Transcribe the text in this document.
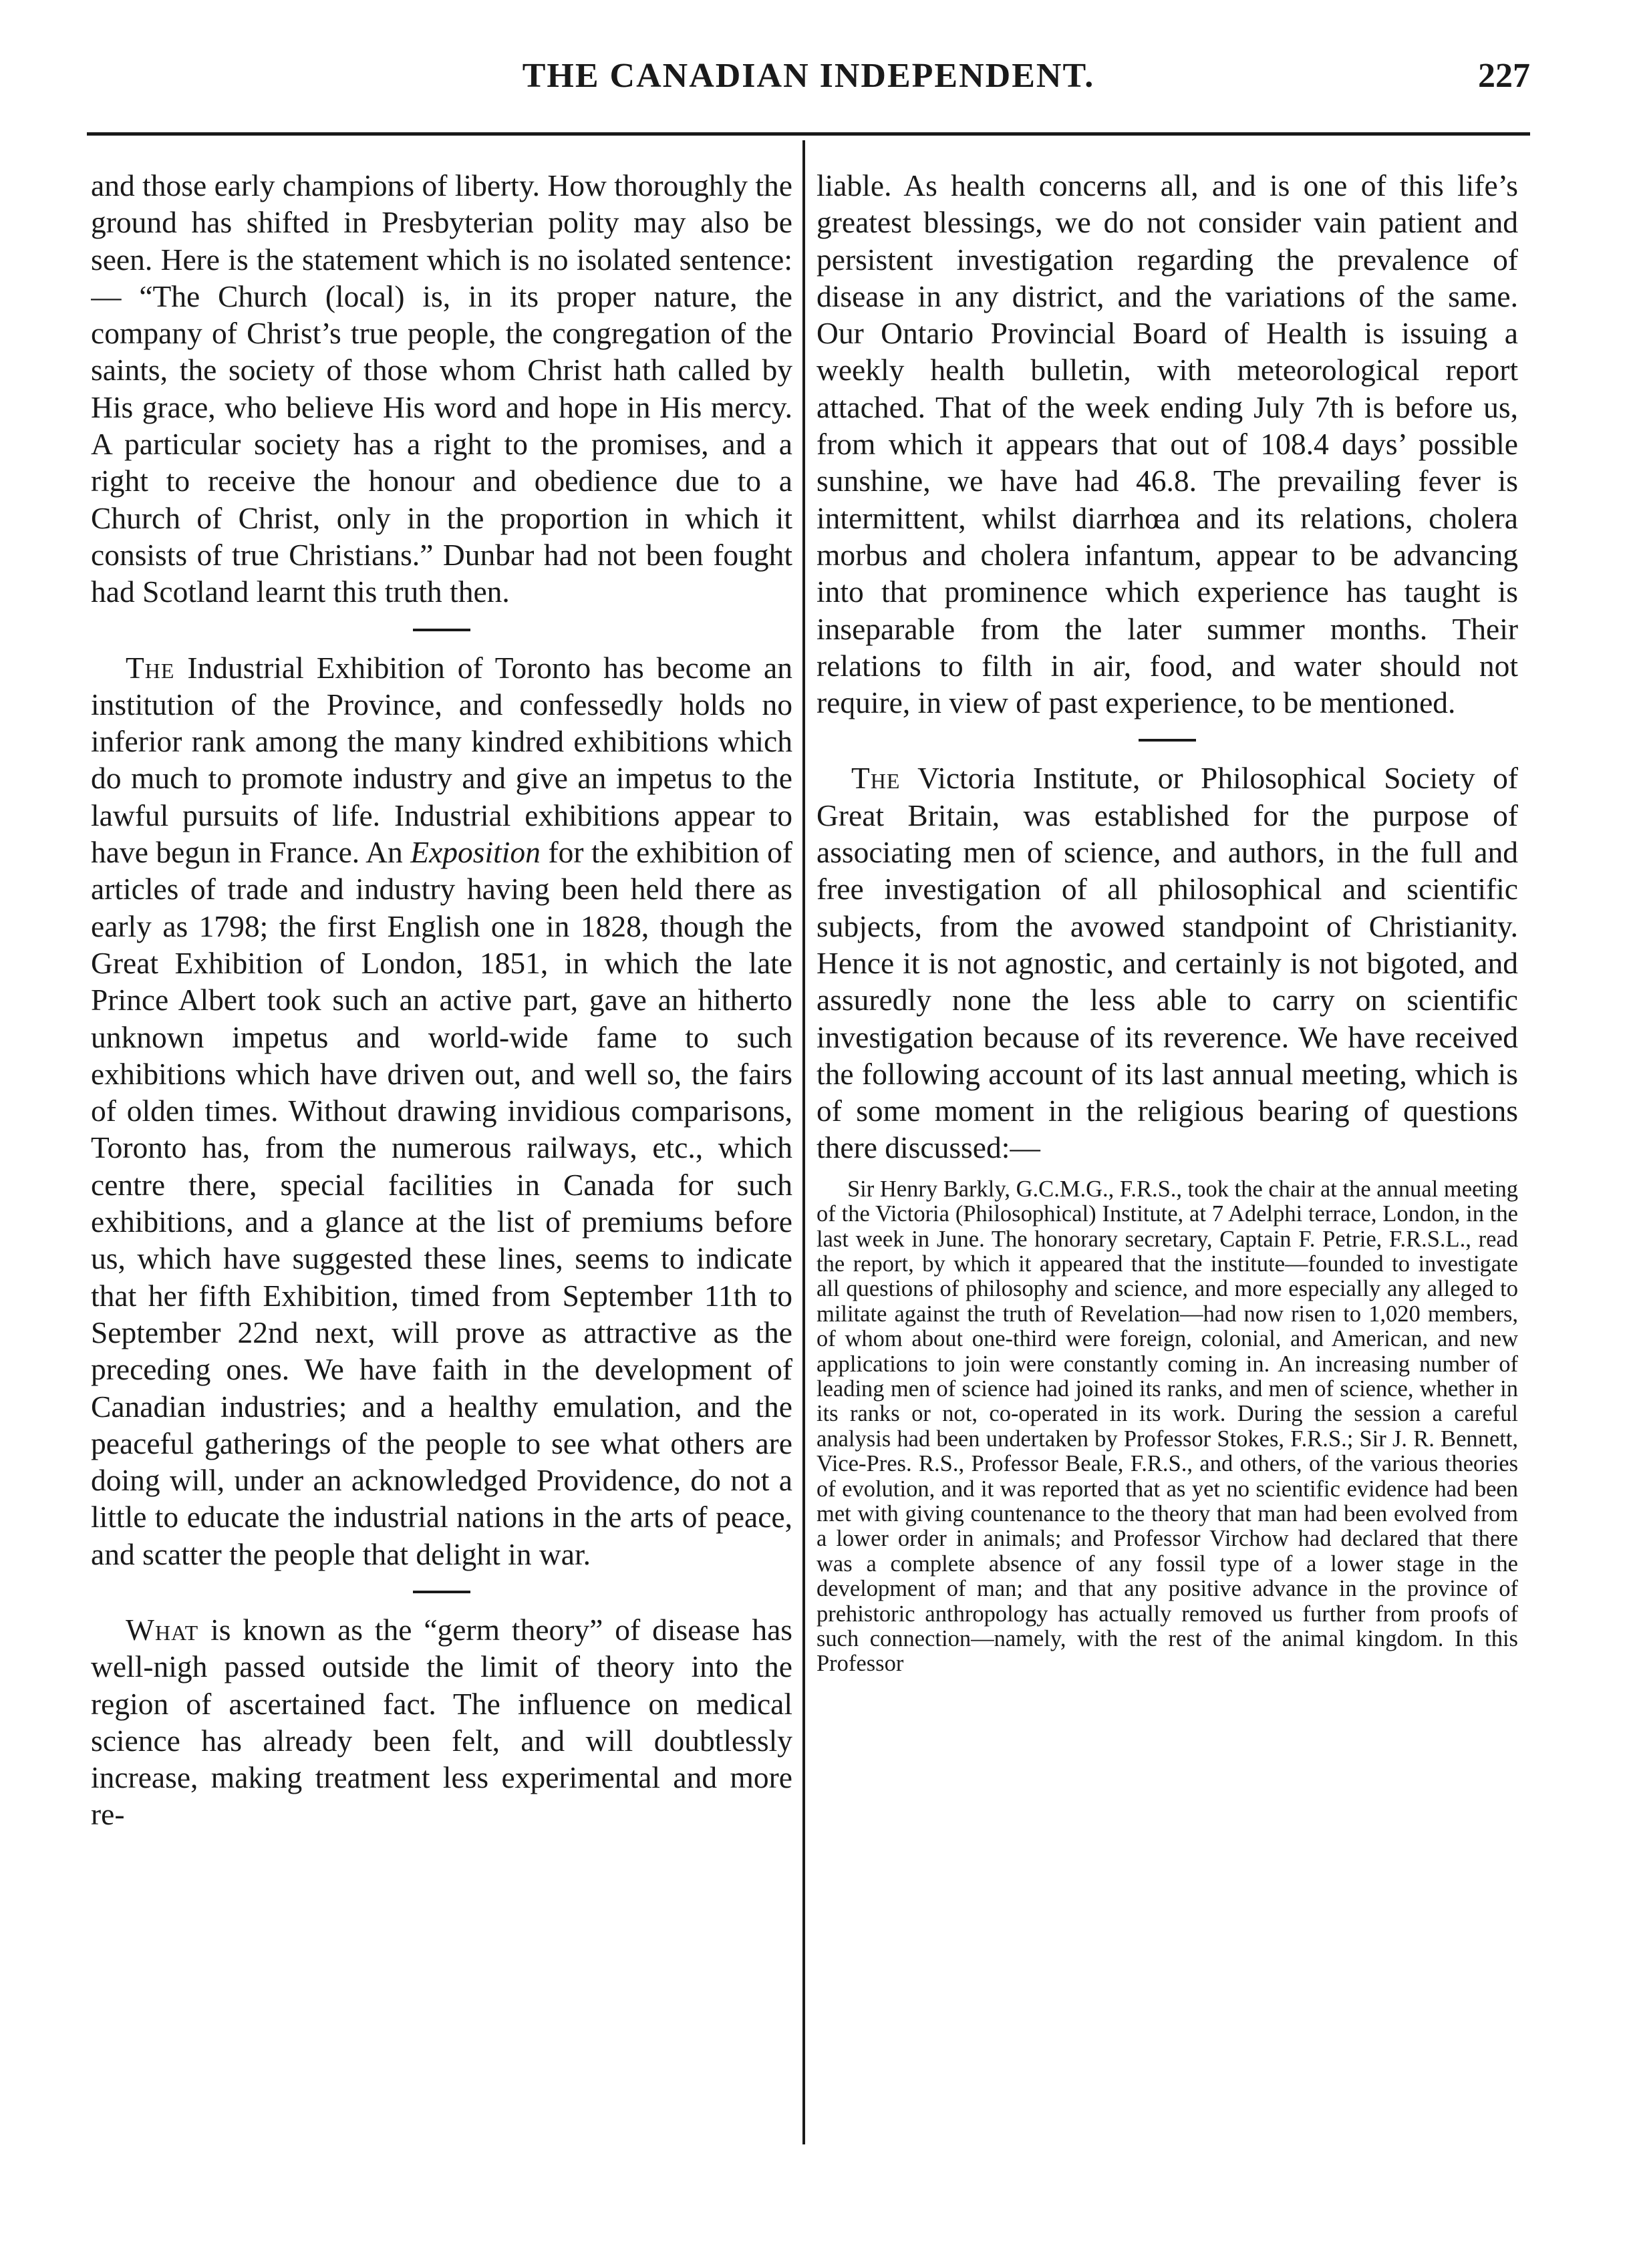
THE CANADIAN INDEPENDENT.	227

and those early champions of liberty. How thoroughly the ground has shifted in Presbyterian polity may also be seen. Here is the statement which is no isolated sentence:— “The Church (local) is, in its proper nature, the company of Christ’s true people, the congregation of the saints, the society of those whom Christ hath called by His grace, who believe His word and hope in His mercy. A particular society has a right to the promises, and a right to receive the honour and obedience due to a Church of Christ, only in the proportion in which it consists of true Christians.” Dunbar had not been fought had Scotland learnt this truth then.

The Industrial Exhibition of Toronto has become an institution of the Province, and confessedly holds no inferior rank among the many kindred exhibitions which do much to promote industry and give an impetus to the lawful pursuits of life. Industrial exhibitions appear to have begun in France. An Exposition for the exhibition of articles of trade and industry having been held there as early as 1798; the first English one in 1828, though the Great Exhibition of London, 1851, in which the late Prince Albert took such an active part, gave an hitherto unknown impetus and world-wide fame to such exhibitions which have driven out, and well so, the fairs of olden times. Without drawing invidious comparisons, Toronto has, from the numerous railways, etc., which centre there, special facilities in Canada for such exhibitions, and a glance at the list of premiums before us, which have suggested these lines, seems to indicate that her fifth Exhibition, timed from September 11th to September 22nd next, will prove as attractive as the preceding ones. We have faith in the development of Canadian industries; and a healthy emulation, and the peaceful gatherings of the people to see what others are doing will, under an acknowledged Providence, do not a little to educate the industrial nations in the arts of peace, and scatter the people that delight in war.

What is known as the “germ theory” of disease has well-nigh passed outside the limit of theory into the region of ascertained fact. The influence on medical science has already been felt, and will doubtlessly increase, making treatment less experimental and more re-

liable. As health concerns all, and is one of this life’s greatest blessings, we do not consider vain patient and persistent investigation regarding the prevalence of disease in any district, and the variations of the same. Our Ontario Provincial Board of Health is issuing a weekly health bulletin, with meteorological report attached. That of the week ending July 7th is before us, from which it appears that out of 108.4 days’ possible sunshine, we have had 46.8. The prevailing fever is intermittent, whilst diarrhœa and its relations, cholera morbus and cholera infantum, appear to be advancing into that prominence which experience has taught is inseparable from the later summer months. Their relations to filth in air, food, and water should not require, in view of past experience, to be mentioned.

The Victoria Institute, or Philosophical Society of Great Britain, was established for the purpose of associating men of science, and authors, in the full and free investigation of all philosophical and scientific subjects, from the avowed standpoint of Christianity. Hence it is not agnostic, and certainly is not bigoted, and assuredly none the less able to carry on scientific investigation because of its reverence. We have received the following account of its last annual meeting, which is of some moment in the religious bearing of questions there discussed:—

Sir Henry Barkly, G.C.M.G., F.R.S., took the chair at the annual meeting of the Victoria (Philosophical) Institute, at 7 Adelphi terrace, London, in the last week in June. The honorary secretary, Captain F. Petrie, F.R.S.L., read the report, by which it appeared that the institute—founded to investigate all questions of philosophy and science, and more especially any alleged to militate against the truth of Revelation—had now risen to 1,020 members, of whom about one-third were foreign, colonial, and American, and new applications to join were constantly coming in. An increasing number of leading men of science had joined its ranks, and men of science, whether in its ranks or not, co-operated in its work. During the session a careful analysis had been undertaken by Professor Stokes, F.R.S.; Sir J. R. Bennett, Vice-Pres. R.S., Professor Beale, F.R.S., and others, of the various theories of evolution, and it was reported that as yet no scientific evidence had been met with giving countenance to the theory that man had been evolved from a lower order in animals; and Professor Virchow had declared that there was a complete absence of any fossil type of a lower stage in the development of man; and that any positive advance in the province of prehistoric anthropology has actually removed us further from proofs of such connection—namely, with the rest of the animal kingdom. In this Professor
